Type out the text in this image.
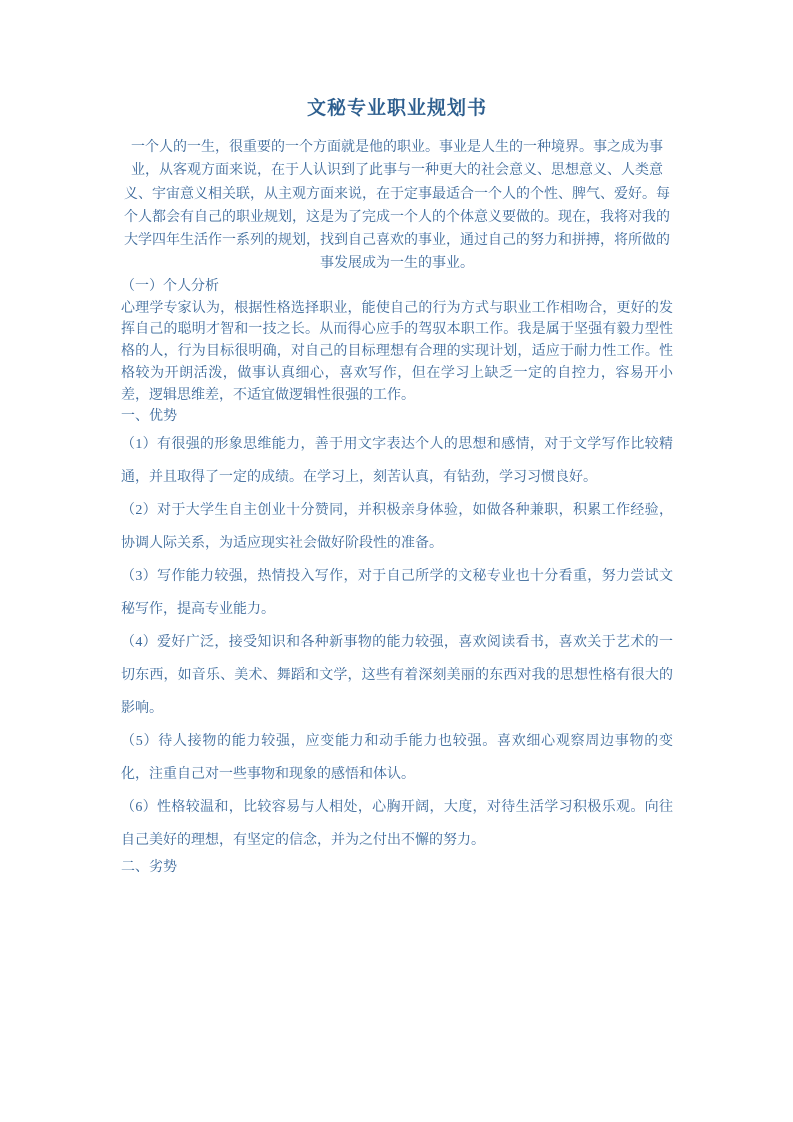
文秘专业职业规划书

一个人的一生，很重要的一个方面就是他的职业。事业是人生的一种境界。事之成为事业，从客观方面来说，在于人认识到了此事与一种更大的社会意义、思想意义、人类意义、宇宙意义相关联，从主观方面来说，在于定事最适合一个人的个性、脾气、爱好。每个人都会有自己的职业规划，这是为了完成一个人的个体意义要做的。现在，我将对我的大学四年生活作一系列的规划，找到自己喜欢的事业，通过自己的努力和拼搏，将所做的事发展成为一生的事业。

（一）个人分析

心理学专家认为，根据性格选择职业，能使自己的行为方式与职业工作相吻合，更好的发挥自己的聪明才智和一技之长。从而得心应手的驾驭本职工作。我是属于坚强有毅力型性格的人，行为目标很明确，对自己的目标理想有合理的实现计划，适应于耐力性工作。性格较为开朗活泼，做事认真细心，喜欢写作，但在学习上缺乏一定的自控力，容易开小差，逻辑思维差，不适宜做逻辑性很强的工作。

一、优势

（1）有很强的形象思维能力，善于用文字表达个人的思想和感情，对于文学写作比较精通，并且取得了一定的成绩。在学习上，刻苦认真，有钻劲，学习习惯良好。

（2）对于大学生自主创业十分赞同，并积极亲身体验，如做各种兼职，积累工作经验，协调人际关系，为适应现实社会做好阶段性的准备。

（3）写作能力较强，热情投入写作，对于自己所学的文秘专业也十分看重，努力尝试文秘写作，提高专业能力。

（4）爱好广泛，接受知识和各种新事物的能力较强，喜欢阅读看书，喜欢关于艺术的一切东西，如音乐、美术、舞蹈和文学，这些有着深刻美丽的东西对我的思想性格有很大的影响。

（5）待人接物的能力较强，应变能力和动手能力也较强。喜欢细心观察周边事物的变化，注重自己对一些事物和现象的感悟和体认。

（6）性格较温和，比较容易与人相处，心胸开阔，大度，对待生活学习积极乐观。向往自己美好的理想，有坚定的信念，并为之付出不懈的努力。

二、劣势
